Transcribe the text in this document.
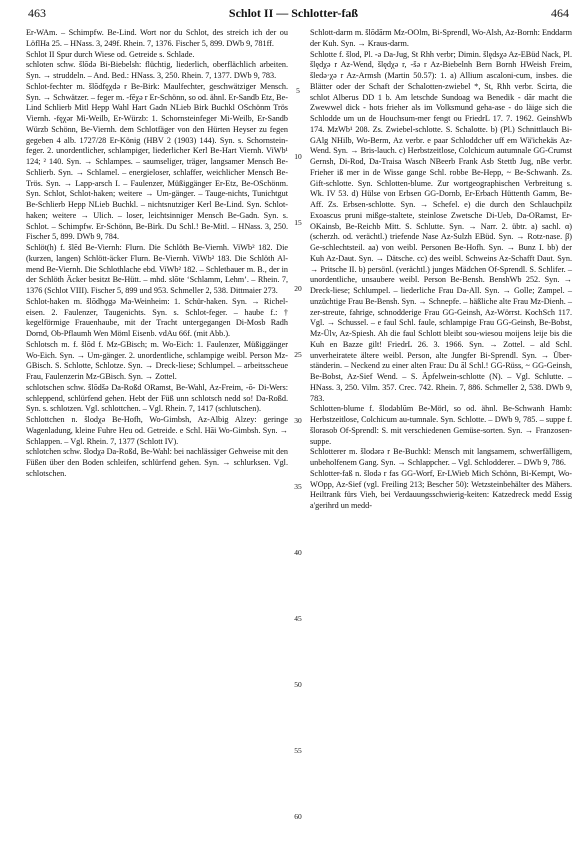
463	Schlot II — Schlotter-faß	464

Er-WAm. – Schimpfw. Be-Lind. Wort nor du Schlot, des streich ich der ou LöflHa 25. – HNass. 3, 249f. Rhein. 7, 1376. Fischer 5, 899. DWb 9, 781ff.

Schlot II Spur durch Wiese od. Getreide s. Schlade.

schloten schw. šlōdə Bi-Biebelsh: flüchtig, liederlich, oberflächlich arbeiten. Syn. → struddeln. – And. Bed.: HNass. 3, 250. Rhein. 7, 1377. DWb 9, 783.

Schlot-fechter m. šlōdfęχdə r Be-Birk: Maulfechter, geschwätziger Mensch. Syn. → Schwätzer. – feger m. -fēχə r Er-Schönn, so od. ähnl. Er-Sandb Etz, Be-Lind Schlierb Mitl Hepp Wahl Hart Gadn NLieb Birk Buchkl OSchönm Trös Viernh. -fęχər Mi-Weilb, Er-Würzb: 1. Schornsteinfeger Mi-Weilb, Er-Sandb Würzb Schönn, Be-Viernh. dem Schlotfäger von den Hürten Heyser zu fegen gegeben 4 alb. 1727/28 Er-König (HBV 2 (1903) 144). Syn. s. Schornstein-feger. 2. unordentlicher, schlampiger, liederlicher Kerl Be-Hart Viernh. ViWb¹ 124; ² 140. Syn. → Schlampes. – saumseliger, träger, langsamer Mensch Be-Schlierb. Syn. → Schlamel. – energieloser, schlaffer, weichlicher Mensch Be-Trös. Syn. → Lapp-arsch I. – Faulenzer, Müßiggänger Er-Etz, Be-OSchönm. Syn. Schlot, Schlot-haken; weitere → Um-gänger. – Tauge-nichts, Tunichtgut Be-Schlierb Hepp NLieb Buchkl. – nichtsnutziger Kerl Be-Lind. Syn. Schlot-haken; weitere → Ulich. – loser, leichtsinniger Mensch Be-Gadn. Syn. s. Schlot. – Schimpfw. Er-Schönn, Be-Birk. Du Schl.! Be-Mitl. – HNass. 3, 250. Fischer 5, 899. DWb 9, 784.

Schlöt(h) f. šlēd Be-Viernh: Flurn. Die Schlöth Be-Viernh. ViWb² 182. Die (kurzen, langen) Schlött-äcker Flurn. Be-Viernh. ViWb² 183. Die Schlöth Al-mend Be-Viernh. Die Schlothlache ebd. ViWb² 182. – Schletbauer m. B., der in der Schlöth Äcker besitzt Be-Hütt. – mhd. slōte ‘Schlamm, Lehm’. – Rhein. 7, 1376 (Schlot VIII). Fischer 5, 899 und 953. Schmeller 2, 538. Dittmaier 273.

Schlot-haken m. šlōdhǫgə Ma-Weinheim: 1. Schür-haken. Syn. → Richel-eisen. 2. Faulenzer, Taugenichts. Syn. s. Schlot-feger. – haube f.: † kegelförmige Frauenhaube, mit der Tracht untergegangen Di-Mosb Radh Dornd, Ob-Pflaumh Wen Möml Eisenb. vdAu 66f. (mit Abb.).

Schlotsch m. f. šlōd f. Mz-GBisch; m. Wo-Eich: 1. Faulenzer, Müßiggänger Wo-Eich. Syn. → Um-gänger. 2. unordentliche, schlampige weibl. Person Mz-GBisch. S. Schlotte, Schlotze. Syn. → Dreck-liese; Schlumpel. – arbeitsscheue Frau, Faulenzerin Mz-GBisch. Syn. → Zottel.

schlotschen schw. šlōdšə Da-Roßd ORamst, Be-Wahl, Az-Freim, -ō- Di-Wers: schleppend, schlürfend gehen. Hebt der Füß unn schlotsch nedd so! Da-Roßd. Syn. s. schlotzen. Vgl. schlottchen. – Vgl. Rhein. 7, 1417 (schlutschen).

Schlottchen n. šlodχə Be-Hofh, Wo-Gimbsh, Az-Albig Alzey: geringe Wagenladung, kleine Fuhre Heu od. Getreide. e Schl. Hāi Wo-Gimbsh. Syn. → Schlappen. – Vgl. Rhein. 7, 1377 (Schlott IV).

schlotchen schw. šlodχə Da-Roßd, Be-Wahl: bei nachlässiger Gehweise mit den Füßen über den Boden schleifen, schlürfend gehen. Syn. → schlurksen. Vgl. schlotschen.

5
10
15
20
25
30
35
40
45
50
55
60

Schlott-darm m. šlōdārm Mz-OOlm, Bi-Sprendl, Wo-Alsh, Az-Bornh: Enddarm der Kuh. Syn. → Kraus-darm.

Schlotte f. šlod, Pl. -ə Da-Jug, St Rhh verbr; Dimin. šlędsχə Az-EBüd Nack, Pl. šlędχə r Az-Wend, šlędχə r, -šə r Az-Biebelnh Bern Bornh HWeish Freim, šledə·χə r Az-Armsh (Martin 50.57): 1. a) Allium ascaloni-cum, insbes. die Blätter oder der Schaft der Schalotten-zwiebel *, St, Rhh verbr. Scirta, die schlot Alberus DD 1 b. Am letschde Sundoag wa Benedik - dār macht die Zwewwel dick - hots frieher als im Volksmund geha-ase - do läige sich die Schlodde um un de Houchsum-mer fengt ou FriedrL 17. 7. 1962. GeinshWb 174. MzWb¹ 208. Zs. Zwiebel-schlotte. S. Schalotte. b) (Pl.) Schnittlauch Bi-GAlg NHilb, Wo-Berm, Az verbr. e paar Schloddcher uff em Wä'ichekäs Az-Wend. Syn. → Bris-lauch. c) Herbstzeitlose, Colchicum autumnale GG-Crumst Gernsh, Di-Rod, Da-Traisa Wasch NBeerb Frank Asb Stettb Jug, nBe verbr. Frieher iß mer in de Wisse gange Schl. robbe Be-Hepp, ~ Be-Schwanh. Zs. Gift-schlotte. Syn. Schlotten-blume. Zur wortgeographischen Verbreitung s. Wk. IV 53. d) Hülse von Erbsen GG-Dornb, Er-Erbach Hüttenth Gamm, Be-Aff. Zs. Erbsen-schlotte. Syn. → Schefel. e) die durch den Schlauchpilz Exoascus pruni mißge-staltete, steinlose Zwetsche Di-Ueb, Da-ORamst, Er-OKainsb, Be-Reichb Mitt. S. Schlutte. Syn. → Narr. 2. übtr. a) sachl. α) (scherzh. od. verächtl.) triefende Nase Az-Sulzh EBüd. Syn. → Rotz-nase. β) Ge-schlechtsteil. aa) von weibl. Personen Be-Hofh. Syn. → Bunz I. bb) der Kuh Az-Daut. Syn. → Dätsche. cc) des weibl. Schweins Az-Schafft Daut. Syn. → Pritsche II. b) persönl. (verächtl.) junges Mädchen Of-Sprendl. S. Schlifer. – unordentliche, unsaubere weibl. Person Be-Bensh. BenshWb 252. Syn. → Dreck-liese; Schlumpel. – liederliche Frau Da-All. Syn. → Golle; Zampel. – unzüchtige Frau Be-Bensh. Syn. → Schnepfe. – häßliche alte Frau Mz-Dienh. – zer-streute, fahrige, schnodderige Frau GG-Geinsh, Az-Wörrst. KochSch 117. Vgl. → Schussel. – e faul Schl. faule, schlampige Frau GG-Geinsh, Be-Bobst, Mz-Ülv, Az-Spiesh. Ah die faul Schlott bleibt sou-wiesou moijens leije bis die Kuh en Bazze gilt! FriedrL 26. 3. 1966. Syn. → Zottel. – ald Schl. unverheiratete ältere weibl. Person, alte Jungfer Bi-Sprendl. Syn. → Über-ständerin. – Neckend zu einer alten Frau: Du āl Schl.! GG-Rüss, ~ GG-Geinsh, Be-Bobst, Az-Sief Wend. – S. Äpfelwein-schlotte (N). – Vgl. Schlutte. – HNass. 3, 250. Vilm. 357. Crec. 742. Rhein. 7, 886. Schmeller 2, 538. DWb 9, 783.

Schlotten-blume f. šlodəblūm Be-Mörl, so od. ähnl. Be-Schwanh Hamb: Herbstzeitlose, Colchicum au-tumnale. Syn. Schlotte. – DWb 9, 785. – suppe f. šlorasob Of-Sprendl: S. mit verschiedenen Gemüse-sorten. Syn. → Franzosen-suppe.

Schlotterer m. šlodərə r Be-Buchkl: Mensch mit langsamem, schwerfälligem, unbeholfenem Gang. Syn. → Schlappcher. – Vgl. Schlodderer. – DWb 9, 786.

Schlotter-faß n. šlodə r fas GG-Worf, Er-LWieb Mich Schönn, Bi-Kempt, Wo-WOpp, Az-Sief (vgl. Freiling 213; Bescher 50): Wetzsteinbehälter des Mähers. Heiltrank fürs Vieh, bei Verdauungsschwierig-keiten: Katzedreck medd Essig a'gerihrd un medd-
